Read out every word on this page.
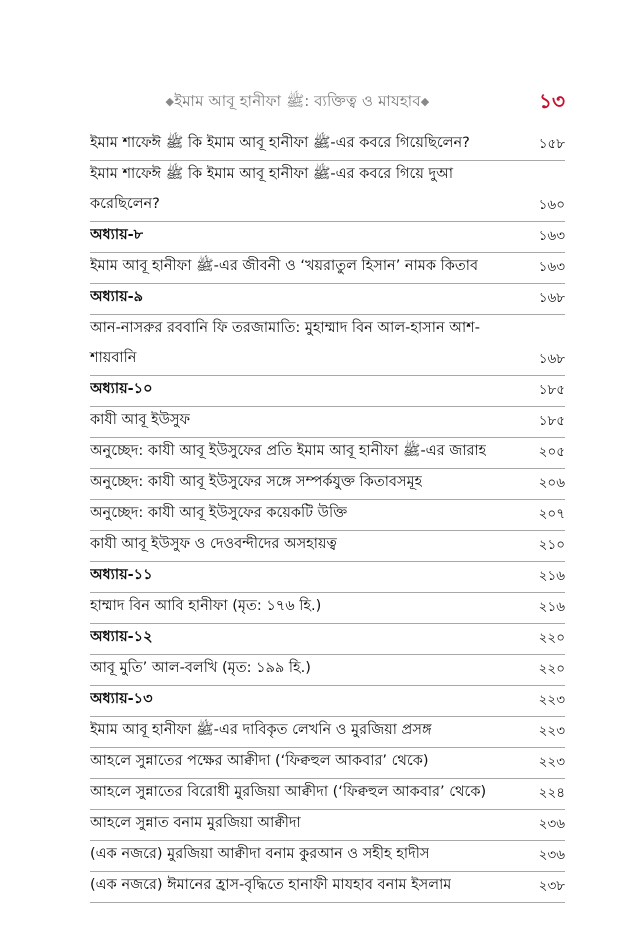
◆ইমাম আবূ হানীফা ﷺ: ব্যক্তিত্ব ও মাযহাব◆	১৩
ইমাম শাফেঈ ﷺ কি ইমাম আবূ হানীফা ﷺ-এর কবরে গিয়েছিলেন?	১৫৮
ইমাম শাফেঈ ﷺ কি ইমাম আবূ হানীফা ﷺ-এর কবরে গিয়ে দুআ
করেছিলেন?	১৬০
অধ্যায়-৮	১৬৩
ইমাম আবূ হানীফা ﷺ-এর জীবনী ও ‘খয়রাতুল হিসান’ নামক কিতাব	১৬৩
অধ্যায়-৯	১৬৮
আন-নাসরুর রববানি ফি তরজামাতি: মুহাম্মাদ বিন আল-হাসান আশ-
শায়বানি	১৬৮
অধ্যায়-১০	১৮৫
কাযী আবূ ইউসুফ	১৮৫
অনুচ্ছেদ: কাযী আবূ ইউসুফের প্রতি ইমাম আবূ হানীফা ﷺ-এর জারাহ	২০৫
অনুচ্ছেদ: কাযী আবূ ইউসুফের সঙ্গে সম্পর্কযুক্ত কিতাবসমূহ	২০৬
অনুচ্ছেদ: কাযী আবূ ইউসুফের কয়েকটি উক্তি	২০৭
কাযী আবূ ইউসুফ ও দেওবন্দীদের অসহায়ত্ব	২১০
অধ্যায়-১১	২১৬
হাম্মাদ বিন আবি হানীফা (মৃত: ১৭৬ হি.)	২১৬
অধ্যায়-১২	২২০
আবূ মুতি’ আল-বলখি (মৃত: ১৯৯ হি.)	২২০
অধ্যায়-১৩	২২৩
ইমাম আবূ হানীফা ﷺ-এর দাবিকৃত লেখনি ও মুরজিয়া প্রসঙ্গ	২২৩
আহলে সুন্নাতের পক্ষের আক্বীদা (‘ফিক্বহুল আকবার’ থেকে)	২২৩
আহলে সুন্নাতের বিরোধী মুরজিয়া আক্বীদা (‘ফিক্বহুল আকবার’ থেকে)	২২৪
আহলে সুন্নাত বনাম মুরজিয়া আক্বীদা	২৩৬
(এক নজরে) মুরজিয়া আক্বীদা বনাম কুরআন ও সহীহ হাদীস	২৩৬
(এক নজরে) ঈমানের হ্রাস-বৃদ্ধিতে হানাফী মাযহাব বনাম ইসলাম	২৩৮
